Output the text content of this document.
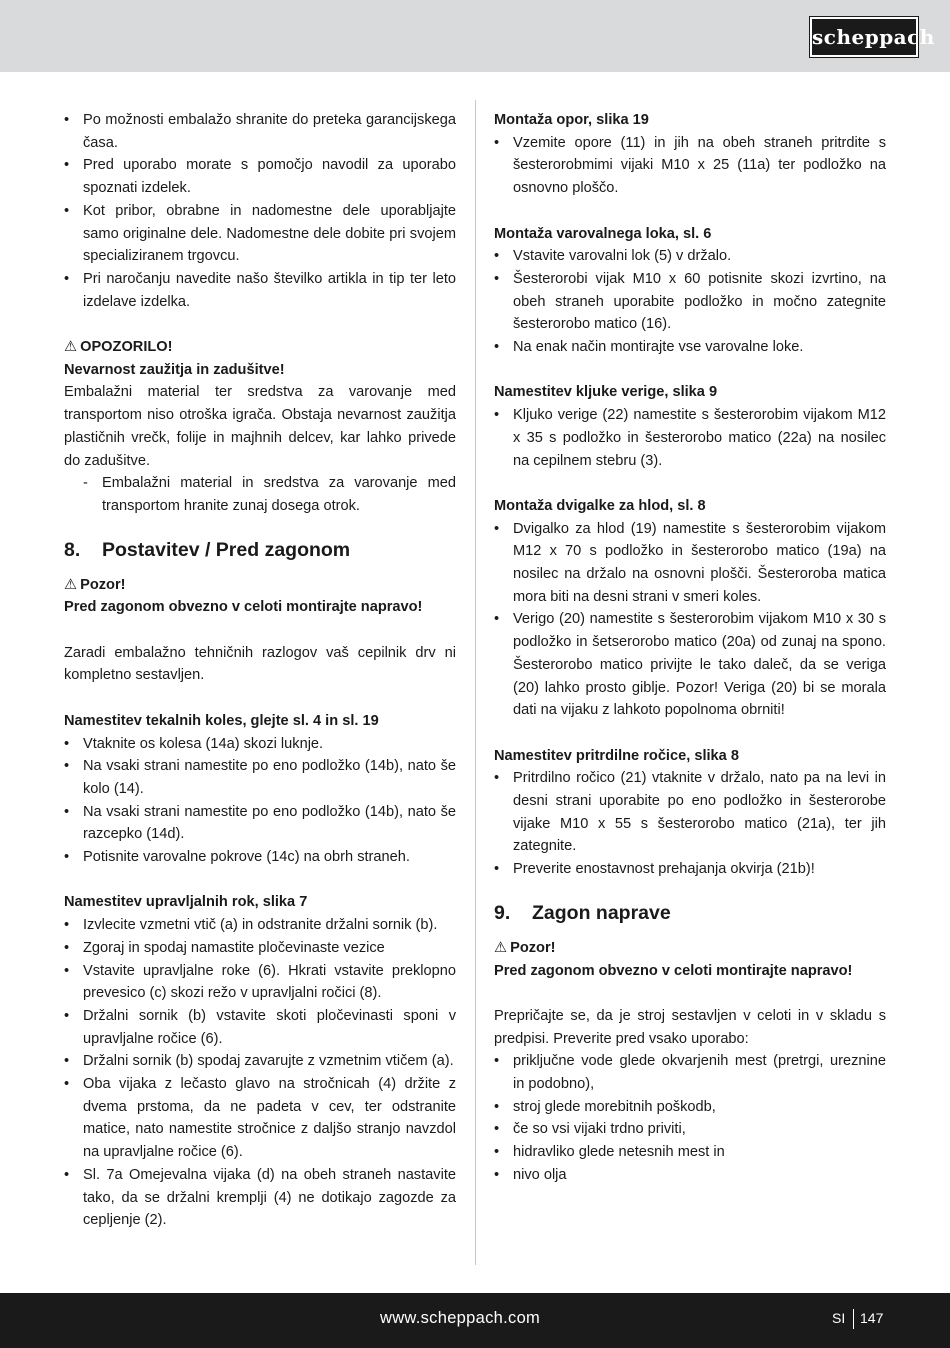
scheppach
• Po možnosti embalažo shranite do preteka garancijskega časa.
• Pred uporabo morate s pomočjo navodil za uporabo spoznati izdelek.
• Kot pribor, obrabne in nadomestne dele uporabljajte samo originalne dele. Nadomestne dele dobite pri svojem specializiranem trgovcu.
• Pri naročanju navedite našo številko artikla in tip ter leto izdelave izdelka.

⚠ OPOZORILO!

Nevarnost zaužitja in zadušitve!

Embalažni material ter sredstva za varovanje med transportom niso otroška igrača. Obstaja nevarnost zaužitja plastičnih vrečk, folije in majhnih delcev, kar lahko privede do zadušitve.

- Embalažni material in sredstva za varovanje med transportom hranite zunaj dosega otrok.
8. Postavitev / Pred zagonom

⚠ Pozor!

Pred zagonom obvezno v celoti montirajte napravo!

Zaradi embalažno tehničnih razlogov vaš cepilnik drv ni kompletno sestavljen.

Namestitev tekalnih koles, glejte sl. 4 in sl. 19

• Vtaknite os kolesa (14a) skozi luknje.
• Na vsaki strani namestite po eno podložko (14b), nato še kolo (14).
• Na vsaki strani namestite po eno podložko (14b), nato še razcepko (14d).
• Potisnite varovalne pokrove (14c) na obrh straneh.

Namestitev upravljalnih rok, slika 7

• Izvlecite vzmetni vtič (a) in odstranite držalni sornik (b).
• Zgoraj in spodaj namastite pločevinaste vezice
• Vstavite upravljalne roke (6). Hkrati vstavite preklopno prevesico (c) skozi režo v upravljalni ročici (8).
• Držalni sornik (b) vstavite skoti pločevinasti sponi v upravljalne ročice (6).
• Držalni sornik (b) spodaj zavarujte z vzmetnim vtičem (a).
• Oba vijaka z lečasto glavo na stročnicah (4) držite z dvema prstoma, da ne padeta v cev, ter odstranite matice, nato namestite stročnice z daljšo stranjo navzdol na upravljalne ročice (6).
• Sl. 7a Omejevalna vijaka (d) na obeh straneh nastavite tako, da se držalni kremplji (4) ne dotikajo zagozde za cepljenje (2).

Montaža opor, slika 19

• Vzemite opore (11) in jih na obeh straneh pritrdite s šesterorobmimi vijaki M10 x 25 (11a) ter podložko na osnovno ploščo.

Montaža varovalnega loka, sl. 6

• Vstavite varovalni lok (5) v držalo.
• Šesterorobi vijak M10 x 60 potisnite skozi izvrtino, na obeh straneh uporabite podložko in močno zategnite šesterorobo matico (16).
• Na enak način montirajte vse varovalne loke.

Namestitev kljuke verige, slika 9

• Kljuko verige (22) namestite s šesterorobim vijakom M12 x 35 s podložko in šesterorobo matico (22a) na nosilec na cepilnem stebru (3).

Montaža dvigalke za hlod, sl. 8

• Dvigalko za hlod (19) namestite s šesterorobim vijakom M12 x 70 s podložko in šesterorobo matico (19a) na nosilec na držalo na osnovni plošči. Šesteroroba matica mora biti na desni strani v smeri koles.
• Verigo (20) namestite s šesterorobim vijakom M10 x 30 s podložko in šetserorobo matico (20a) od zunaj na spono. Šesterorobo matico privijte le tako daleč, da se veriga (20) lahko prosto giblje. Pozor! Veriga (20) bi se morala dati na vijaku z lahkoto popolnoma obrniti!

Namestitev pritrdilne ročice, slika 8

• Pritrdilno ročico (21) vtaknite v držalo, nato pa na levi in desni strani uporabite po eno podložko in šesterorobe vijake M10 x 55 s šesterorobo matico (21a), ter jih zategnite.
• Preverite enostavnost prehajanja okvirja (21b)!
9. Zagon naprave

⚠ Pozor!

Pred zagonom obvezno v celoti montirajte napravo!

Prepričajte se, da je stroj sestavljen v celoti in v skladu s predpisi. Preverite pred vsako uporabo:

• priključne vode glede okvarjenih mest (pretrgi, ureznine in podobno),
• stroj glede morebitnih poškodb,
• če so vsi vijaki trdno priviti,
• hidravliko glede netesnih mest in
• nivo olja
www.scheppach.com	SI 147
